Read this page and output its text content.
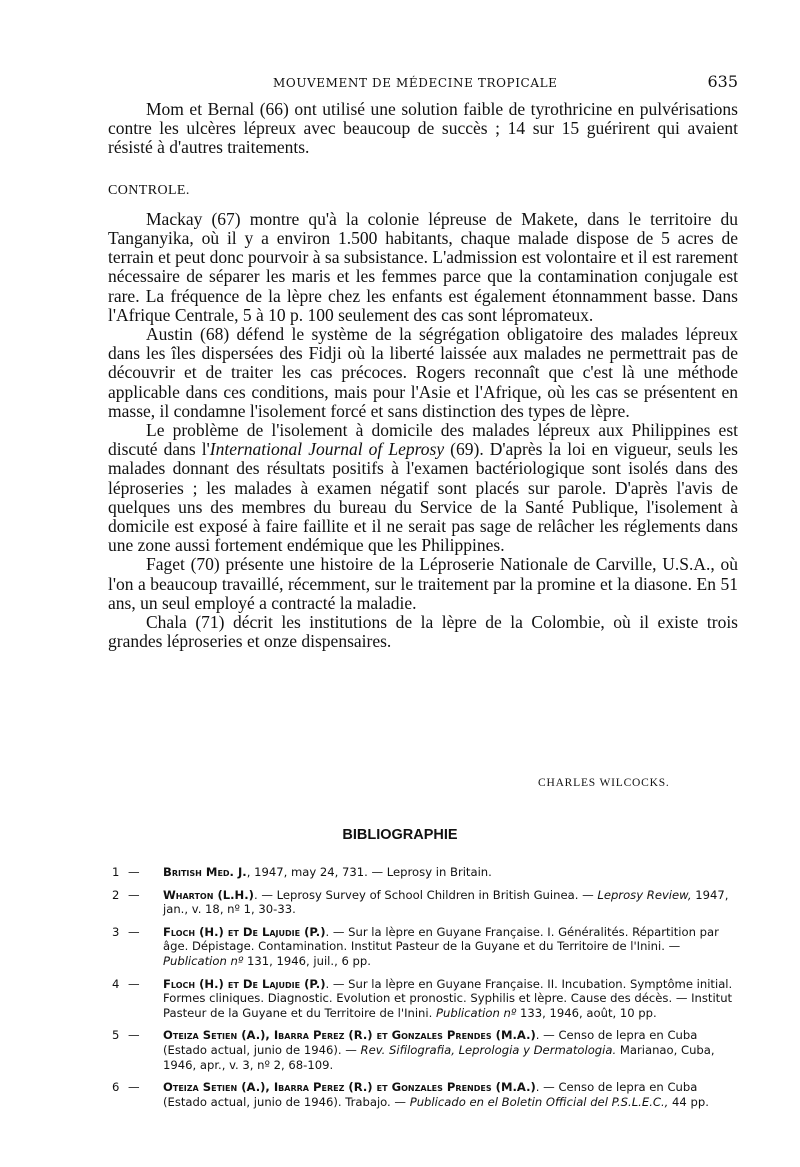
MOUVEMENT DE MÉDECINE TROPICALE	635

Mom et Bernal (66) ont utilisé une solution faible de tyrothricine en pulvérisations contre les ulcères lépreux avec beaucoup de succès ; 14 sur 15 guérirent qui avaient résisté à d'autres traitements.

CONTROLE.

Mackay (67) montre qu'à la colonie lépreuse de Makete, dans le territoire du Tanganyika, où il y a environ 1.500 habitants, chaque malade dispose de 5 acres de terrain et peut donc pourvoir à sa subsistance. L'admission est volontaire et il est rarement nécessaire de séparer les maris et les femmes parce que la contamination conjugale est rare. La fréquence de la lèpre chez les enfants est également étonnamment basse. Dans l'Afrique Centrale, 5 à 10 p. 100 seulement des cas sont lépromateux.

Austin (68) défend le système de la ségrégation obligatoire des malades lépreux dans les îles dispersées des Fidji où la liberté laissée aux malades ne permettrait pas de découvrir et de traiter les cas précoces. Rogers reconnaît que c'est là une méthode applicable dans ces conditions, mais pour l'Asie et l'Afrique, où les cas se présentent en masse, il condamne l'isolement forcé et sans distinction des types de lèpre.

Le problème de l'isolement à domicile des malades lépreux aux Philippines est discuté dans l'International Journal of Leprosy (69). D'après la loi en vigueur, seuls les malades donnant des résultats positifs à l'examen bactériologique sont isolés dans des léproseries ; les malades à examen négatif sont placés sur parole. D'après l'avis de quelques uns des membres du bureau du Service de la Santé Publique, l'isolement à domicile est exposé à faire faillite et il ne serait pas sage de relâcher les réglements dans une zone aussi fortement endémique que les Philippines.

Faget (70) présente une histoire de la Léproserie Nationale de Carville, U.S.A., où l'on a beaucoup travaillé, récemment, sur le traitement par la promine et la diasone. En 51 ans, un seul employé a contracté la maladie.

Chala (71) décrit les institutions de la lèpre de la Colombie, où il existe trois grandes léproseries et onze dispensaires.

CHARLES WILCOCKS.
BIBLIOGRAPHIE
1 — British Med. J., 1947, may 24, 731. — Leprosy in Britain.
2 — Wharton (L.H.). — Leprosy Survey of School Children in British Guinea. — Leprosy Review, 1947, jan., v. 18, nº 1, 30-33.
3 — Floch (H.) et De Lajudie (P.). — Sur la lèpre en Guyane Française. I. Généralités. Répartition par âge. Dépistage. Contamination. Institut Pasteur de la Guyane et du Territoire de l'Inini. — Publication nº 131, 1946, juil., 6 pp.
4 — Floch (H.) et De Lajudie (P.). — Sur la lèpre en Guyane Française. II. Incubation. Symptôme initial. Formes cliniques. Diagnostic. Evolution et pronostic. Syphilis et lèpre. Cause des décès. — Institut Pasteur de la Guyane et du Territoire de l'Inini. Publication nº 133, 1946, août, 10 pp.
5 — Oteiza Setien (A.), Ibarra Perez (R.) et Gonzales Prendes (M.A.). — Censo de lepra en Cuba (Estado actual, junio de 1946). — Rev. Sifilografia, Leprologia y Dermatologia. Marianao, Cuba, 1946, apr., v. 3, nº 2, 68-109.
6 — Oteiza Setien (A.), Ibarra Perez (R.) et Gonzales Prendes (M.A.). — Censo de lepra en Cuba (Estado actual, junio de 1946). Trabajo. — Publicado en el Boletin Official del P.S.L.E.C., 44 pp.
